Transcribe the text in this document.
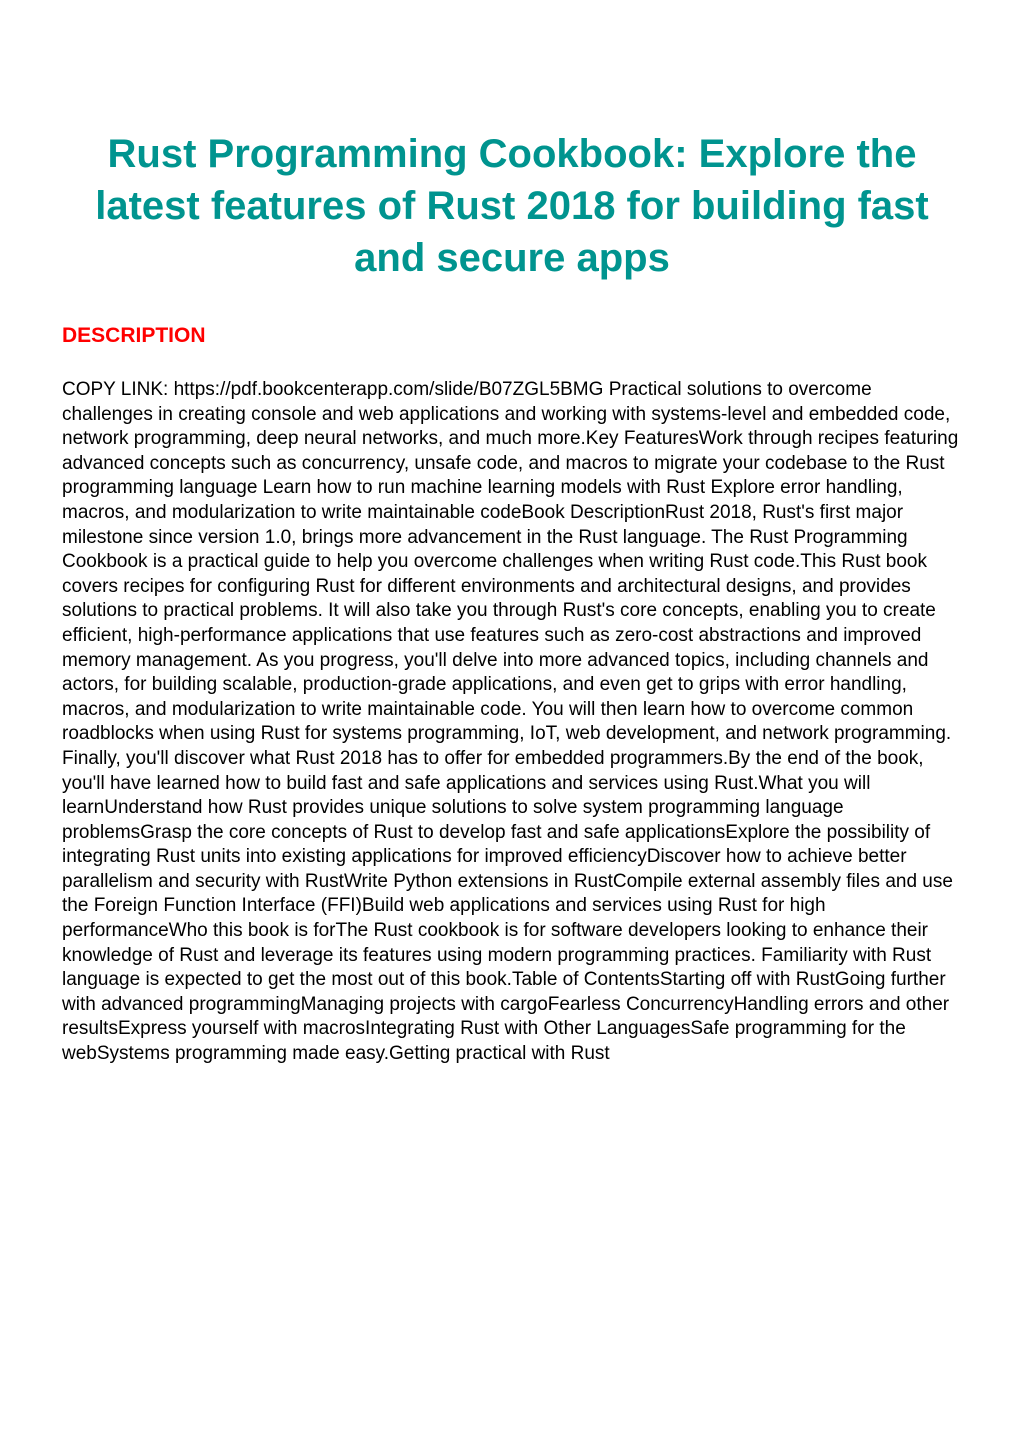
Rust Programming Cookbook: Explore the latest features of Rust 2018 for building fast and secure apps
DESCRIPTION

COPY LINK: https://pdf.bookcenterapp.com/slide/B07ZGL5BMG Practical solutions to overcome challenges in creating console and web applications and working with systems-level and embedded code, network programming, deep neural networks, and much more.Key FeaturesWork through recipes featuring advanced concepts such as concurrency, unsafe code, and macros to migrate your codebase to the Rust programming language Learn how to run machine learning models with Rust Explore error handling, macros, and modularization to write maintainable codeBook DescriptionRust 2018, Rust's first major milestone since version 1.0, brings more advancement in the Rust language. The Rust Programming Cookbook is a practical guide to help you overcome challenges when writing Rust code.This Rust book covers recipes for configuring Rust for different environments and architectural designs, and provides solutions to practical problems. It will also take you through Rust's core concepts, enabling you to create efficient, high-performance applications that use features such as zero-cost abstractions and improved memory management. As you progress, you'll delve into more advanced topics, including channels and actors, for building scalable, production-grade applications, and even get to grips with error handling, macros, and modularization to write maintainable code. You will then learn how to overcome common roadblocks when using Rust for systems programming, IoT, web development, and network programming. Finally, you'll discover what Rust 2018 has to offer for embedded programmers.By the end of the book, you'll have learned how to build fast and safe applications and services using Rust.What you will learnUnderstand how Rust provides unique solutions to solve system programming language problemsGrasp the core concepts of Rust to develop fast and safe applicationsExplore the possibility of integrating Rust units into existing applications for improved efficiencyDiscover how to achieve better parallelism and security with RustWrite Python extensions in RustCompile external assembly files and use the Foreign Function Interface (FFI)Build web applications and services using Rust for high performanceWho this book is forThe Rust cookbook is for software developers looking to enhance their knowledge of Rust and leverage its features using modern programming practices. Familiarity with Rust language is expected to get the most out of this book.Table of ContentsStarting off with RustGoing further with advanced programmingManaging projects with cargoFearless ConcurrencyHandling errors and other resultsExpress yourself with macrosIntegrating Rust with Other LanguagesSafe programming for the webSystems programming made easy.Getting practical with Rust
